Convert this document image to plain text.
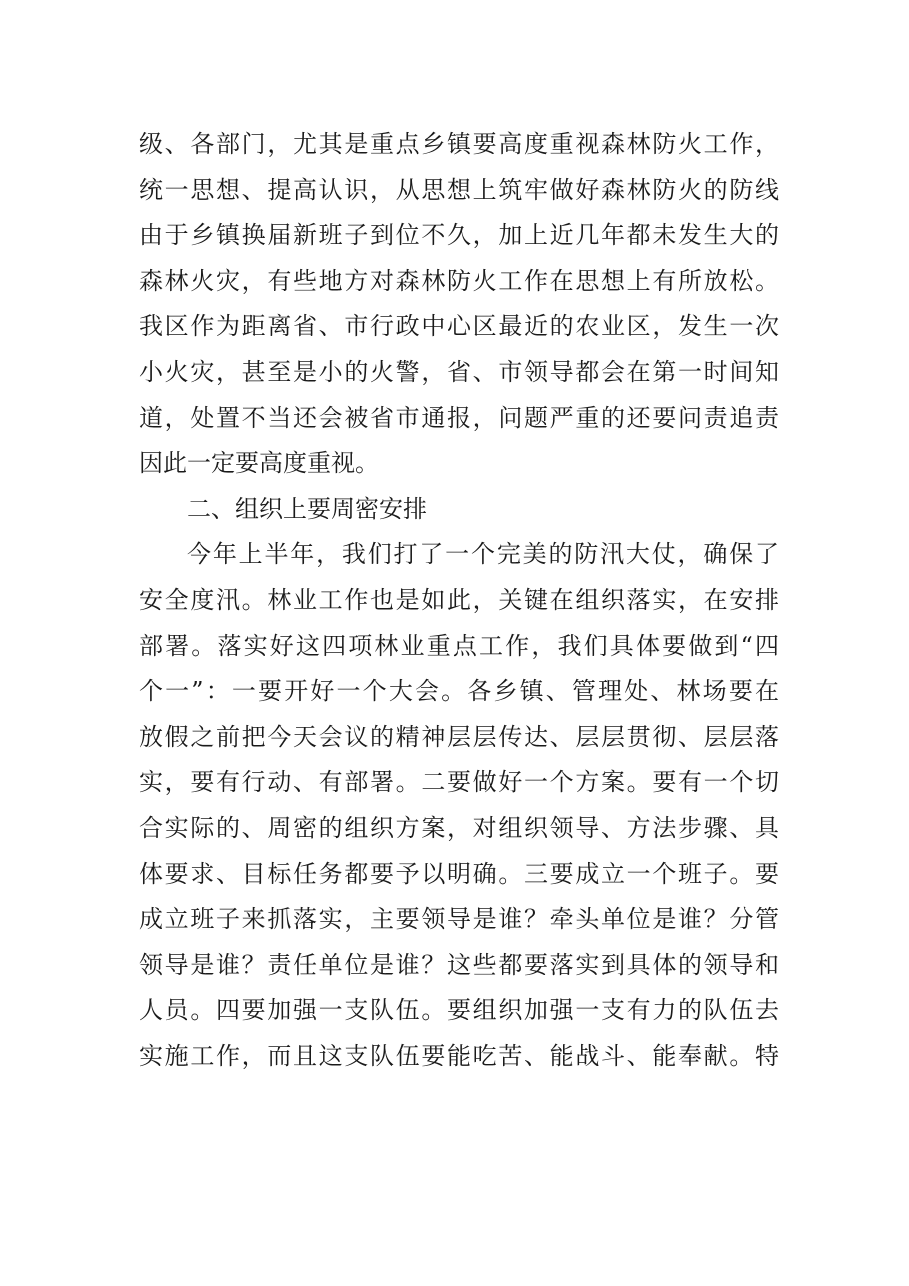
级、各部门，尤其是重点乡镇要高度重视森林防火工作，
统一思想、提高认识，从思想上筑牢做好森林防火的防线
由于乡镇换届新班子到位不久，加上近几年都未发生大的
森林火灾，有些地方对森林防火工作在思想上有所放松。
我区作为距离省、市行政中心区最近的农业区，发生一次
小火灾，甚至是小的火警，省、市领导都会在第一时间知
道，处置不当还会被省市通报，问题严重的还要问责追责
因此一定要高度重视。
二、组织上要周密安排
今年上半年，我们打了一个完美的防汛大仗，确保了
安全度汛。林业工作也是如此，关键在组织落实，在安排
部署。落实好这四项林业重点工作，我们具体要做到“四
个一”：一要开好一个大会。各乡镇、管理处、林场要在
放假之前把今天会议的精神层层传达、层层贯彻、层层落
实，要有行动、有部署。二要做好一个方案。要有一个切
合实际的、周密的组织方案，对组织领导、方法步骤、具
体要求、目标任务都要予以明确。三要成立一个班子。要
成立班子来抓落实，主要领导是谁？牵头单位是谁？分管
领导是谁？责任单位是谁？这些都要落实到具体的领导和
人员。四要加强一支队伍。要组织加强一支有力的队伍去
实施工作，而且这支队伍要能吃苦、能战斗、能奉献。特
